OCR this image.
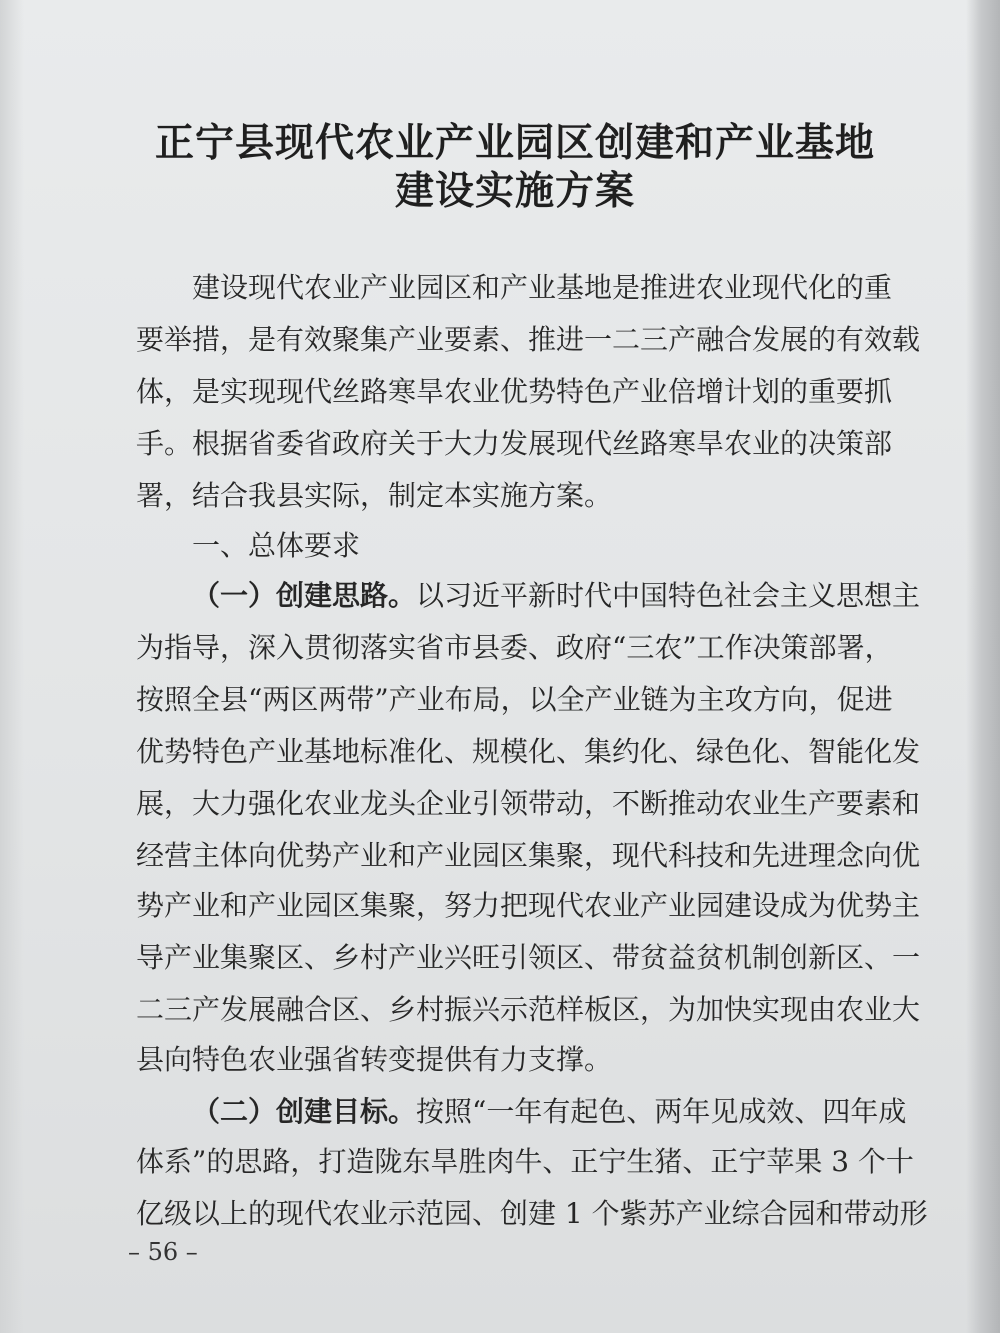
正宁县现代农业产业园区创建和产业基地
建设实施方案
建设现代农业产业园区和产业基地是推进农业现代化的重
要举措，是有效聚集产业要素、推进一二三产融合发展的有效载
体，是实现现代丝路寒旱农业优势特色产业倍增计划的重要抓
手。根据省委省政府关于大力发展现代丝路寒旱农业的决策部
署，结合我县实际，制定本实施方案。
一、总体要求
（一）创建思路。以习近平新时代中国特色社会主义思想主
为指导，深入贯彻落实省市县委、政府“三农”工作决策部署，
按照全县“两区两带”产业布局，以全产业链为主攻方向，促进
优势特色产业基地标准化、规模化、集约化、绿色化、智能化发
展，大力强化农业龙头企业引领带动，不断推动农业生产要素和
经营主体向优势产业和产业园区集聚，现代科技和先进理念向优
势产业和产业园区集聚，努力把现代农业产业园建设成为优势主
导产业集聚区、乡村产业兴旺引领区、带贫益贫机制创新区、一
二三产发展融合区、乡村振兴示范样板区，为加快实现由农业大
县向特色农业强省转变提供有力支撑。
（二）创建目标。按照“一年有起色、两年见成效、四年成
体系”的思路，打造陇东旱胜肉牛、正宁生猪、正宁苹果 3 个十
亿级以上的现代农业示范园、创建 1 个紫苏产业综合园和带动形
– 56 –
